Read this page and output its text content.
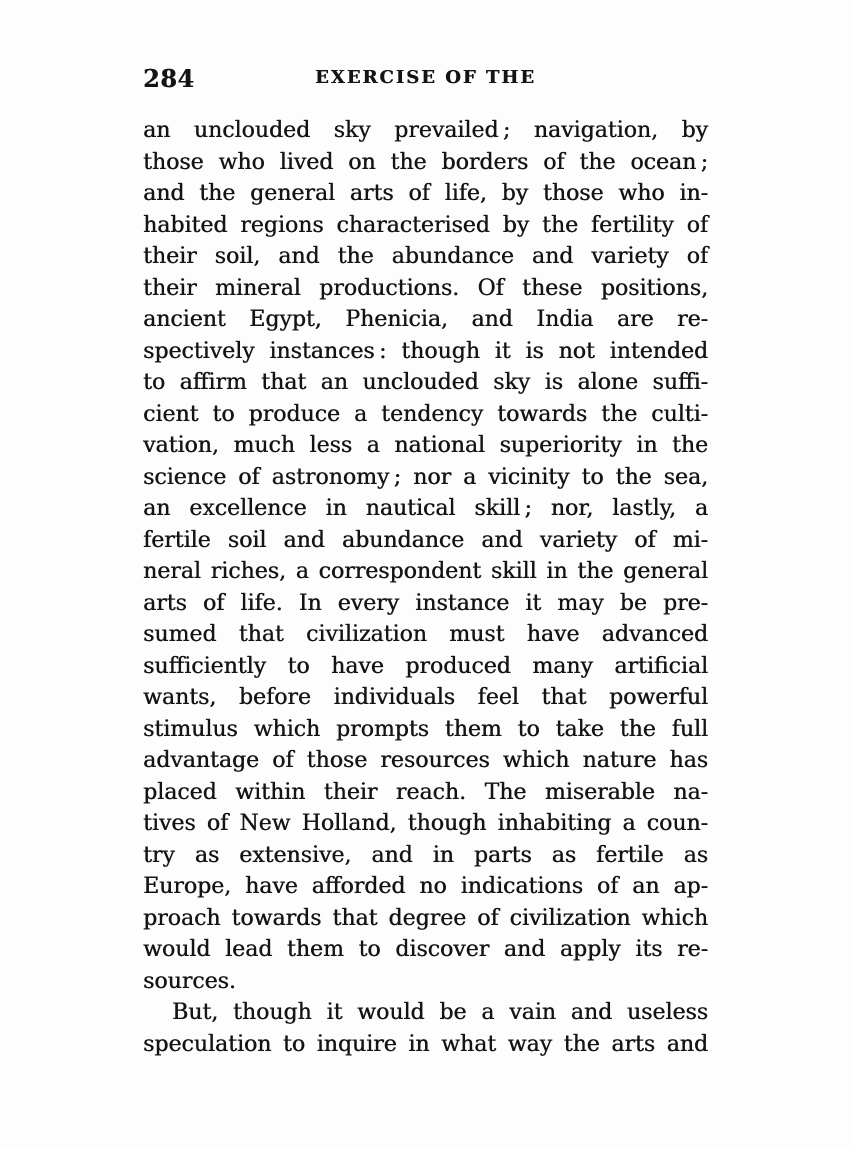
284	EXERCISE OF THE
an unclouded sky prevailed ; navigation, by
those who lived on the borders of the ocean ;
and the general arts of life, by those who in-
habited regions characterised by the fertility of
their soil, and the abundance and variety of
their mineral productions. Of these positions,
ancient Egypt, Phenicia, and India are re-
spectively instances : though it is not intended
to affirm that an unclouded sky is alone suffi-
cient to produce a tendency towards the culti-
vation, much less a national superiority in the
science of astronomy ; nor a vicinity to the sea,
an excellence in nautical skill ; nor, lastly, a
fertile soil and abundance and variety of mi-
neral riches, a correspondent skill in the general
arts of life. In every instance it may be pre-
sumed that civilization must have advanced
sufficiently to have produced many artificial
wants, before individuals feel that powerful
stimulus which prompts them to take the full
advantage of those resources which nature has
placed within their reach. The miserable na-
tives of New Holland, though inhabiting a coun-
try as extensive, and in parts as fertile as
Europe, have afforded no indications of an ap-
proach towards that degree of civilization which
would lead them to discover and apply its re-
sources.
But, though it would be a vain and useless
speculation to inquire in what way the arts and
